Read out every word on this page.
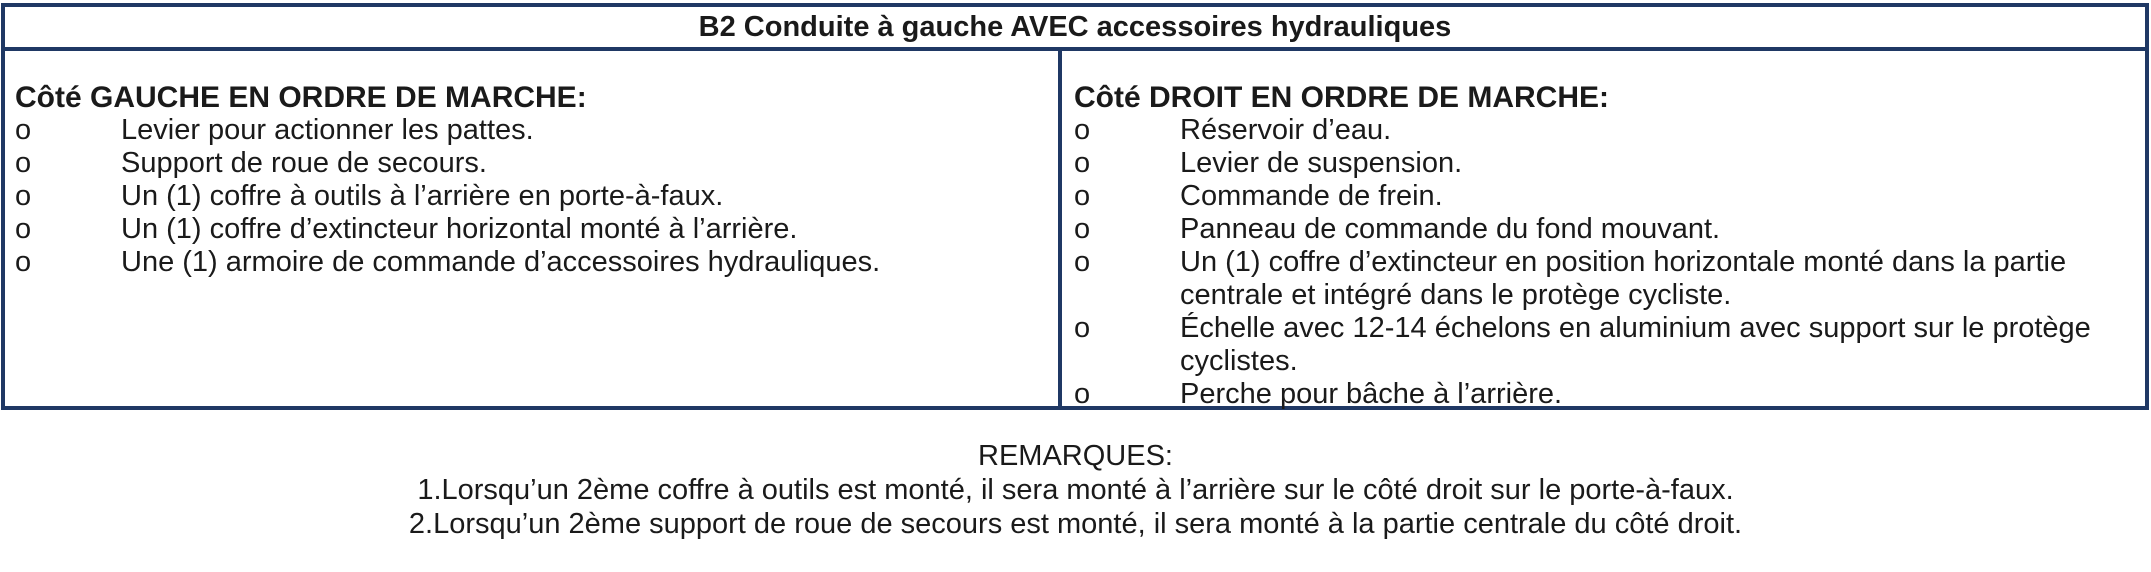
B2 Conduite à gauche AVEC accessoires hydrauliques
Côté GAUCHE EN ORDRE DE MARCHE:
o	Levier pour actionner les pattes.
o	Support de roue de secours.
o	Un (1) coffre à outils à l’arrière en porte-à-faux.
o	Un (1) coffre d’extincteur horizontal monté à l’arrière.
o	Une (1) armoire de commande d’accessoires hydrauliques.
Côté DROIT EN ORDRE DE MARCHE:
o	Réservoir d’eau.
o	Levier de suspension.
o	Commande de frein.
o	Panneau de commande du fond mouvant.
o	Un (1) coffre d’extincteur en position horizontale monté dans la partie centrale et intégré dans le protège cycliste.
o	Échelle avec 12-14 échelons en aluminium avec support sur le protège cyclistes.
o	Perche pour bâche à l’arrière.
REMARQUES:
1.Lorsqu’un 2ème coffre à outils est monté, il sera monté à l’arrière sur le côté droit sur le porte-à-faux.
2.Lorsqu’un 2ème support de roue de secours est monté, il sera monté à la partie centrale du côté droit.
